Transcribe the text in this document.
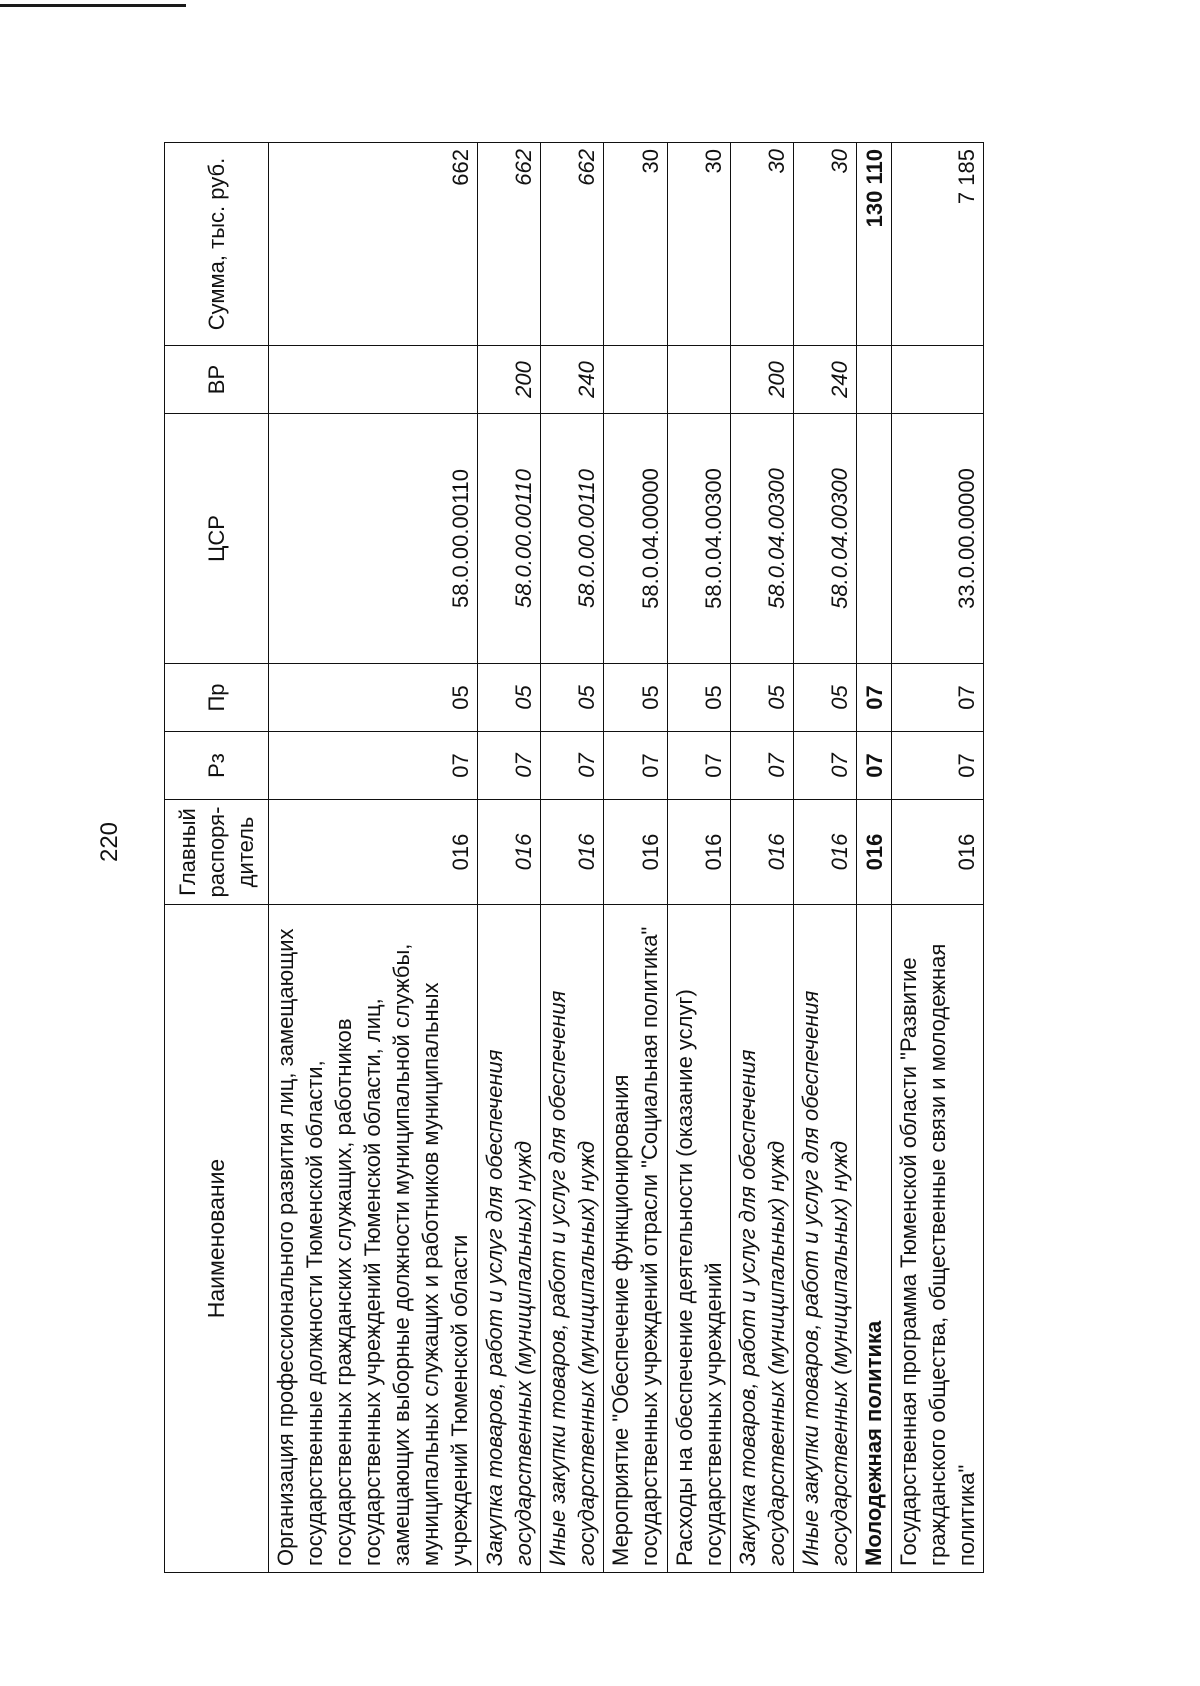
220
Наименование	Главный распоря-дитель	Рз	Пр	ЦСР	ВР	Сумма, тыс. руб.
Организация профессионального развития лиц, замещающих государственные должности Тюменской области, государственных гражданских служащих, работников государственных учреждений Тюменской области, лиц, замещающих выборные должности муниципальной службы, муниципальных служащих и работников муниципальных учреждений Тюменской области	016	07	05	58.0.00.00110		662
Закупка товаров, работ и услуг для обеспечения государственных (муниципальных) нужд	016	07	05	58.0.00.00110	200	662
Иные закупки товаров, работ и услуг для обеспечения государственных (муниципальных) нужд	016	07	05	58.0.00.00110	240	662
Мероприятие "Обеспечение функционирования государственных учреждений отрасли "Социальная политика"	016	07	05	58.0.04.00000		30
Расходы на обеспечение деятельности (оказание услуг) государственных учреждений	016	07	05	58.0.04.00300		30
Закупка товаров, работ и услуг для обеспечения государственных (муниципальных) нужд	016	07	05	58.0.04.00300	200	30
Иные закупки товаров, работ и услуг для обеспечения государственных (муниципальных) нужд	016	07	05	58.0.04.00300	240	30
Молодежная политика	016	07	07			130 110
Государственная программа Тюменской области "Развитие гражданского общества, общественные связи и молодежная политика"	016	07	07	33.0.00.00000		7 185
